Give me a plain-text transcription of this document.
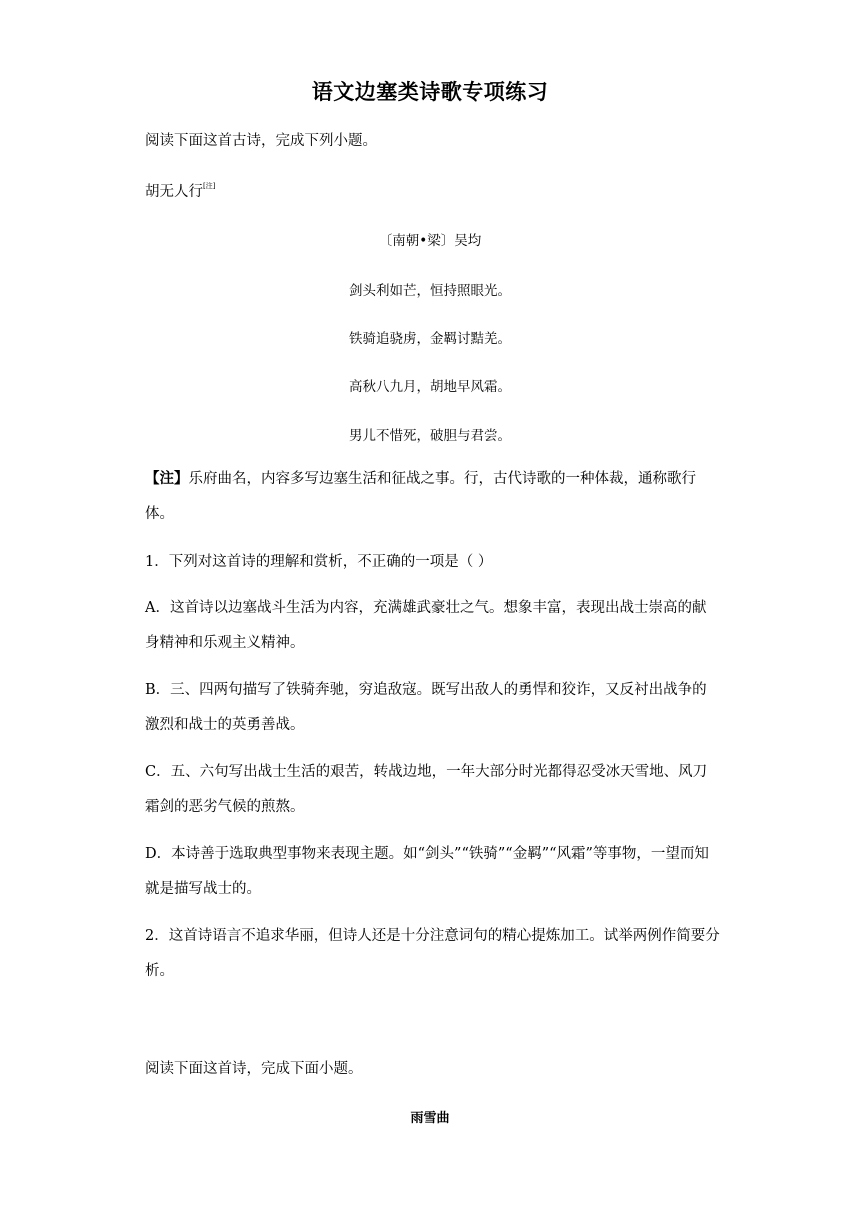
语文边塞类诗歌专项练习
阅读下面这首古诗，完成下列小题。
胡无人行[注]
〔南朝•梁〕吴均
剑头利如芒，恒持照眼光。
铁骑追骁虏，金羁讨黠羌。
高秋八九月，胡地早风霜。
男儿不惜死，破胆与君尝。
【注】乐府曲名，内容多写边塞生活和征战之事。行，古代诗歌的一种体裁，通称歌行体。
1．下列对这首诗的理解和赏析，不正确的一项是（ ）
A．这首诗以边塞战斗生活为内容，充满雄武豪壮之气。想象丰富，表现出战士崇高的献身精神和乐观主义精神。
B．三、四两句描写了铁骑奔驰，穷追敌寇。既写出敌人的勇悍和狡诈，又反衬出战争的激烈和战士的英勇善战。
C．五、六句写出战士生活的艰苦，转战边地，一年大部分时光都得忍受冰天雪地、风刀霜剑的恶劣气候的煎熬。
D．本诗善于选取典型事物来表现主题。如“剑头”“铁骑”“金羁”“风霜”等事物，一望而知就是描写战士的。
2．这首诗语言不追求华丽，但诗人还是十分注意词句的精心提炼加工。试举两例作简要分析。
阅读下面这首诗，完成下面小题。
雨雪曲
